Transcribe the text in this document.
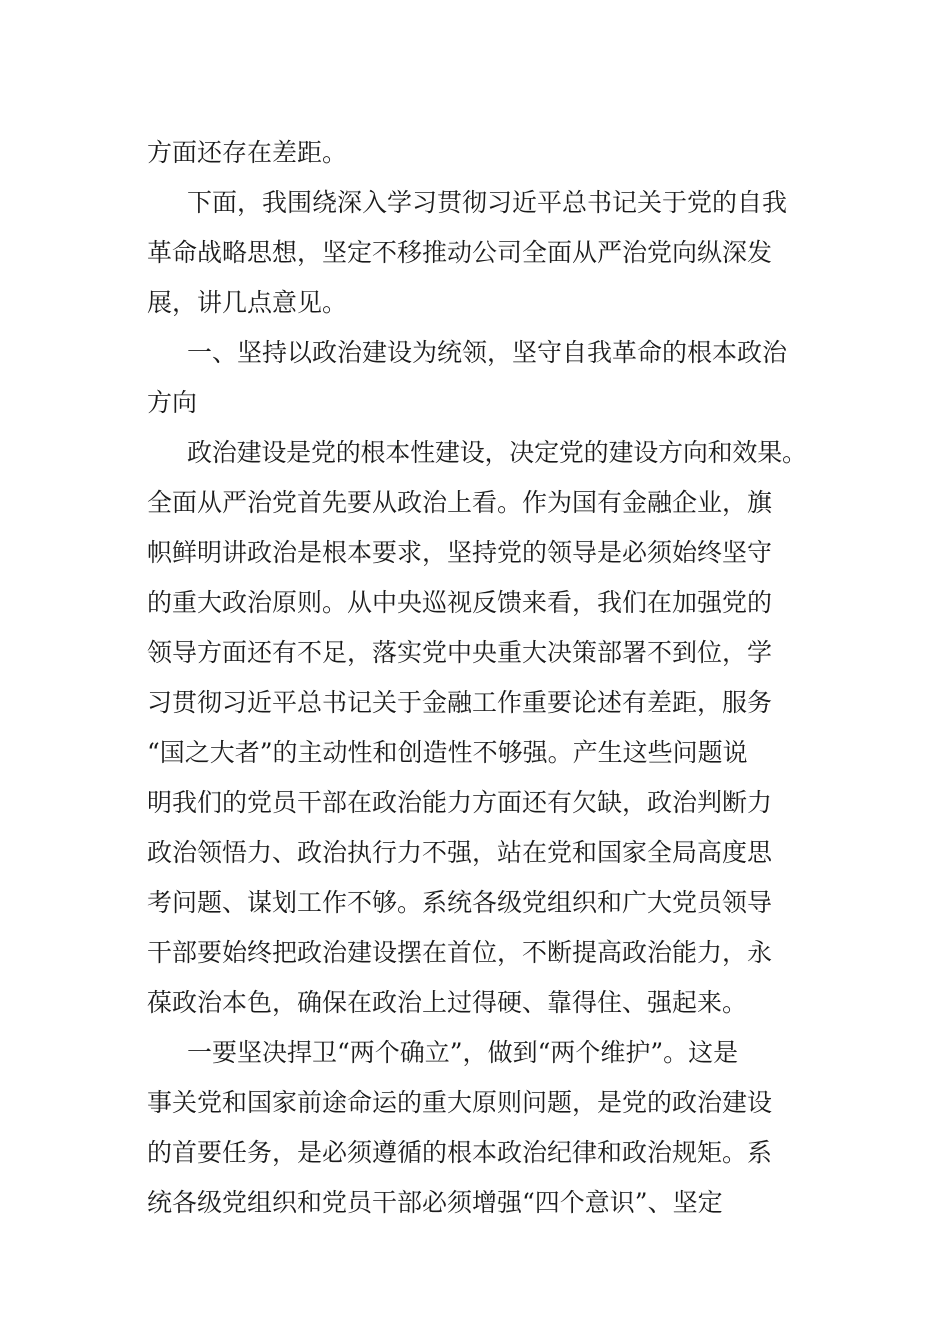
方面还存在差距。
下面，我围绕深入学习贯彻习近平总书记关于党的自我
革命战略思想，坚定不移推动公司全面从严治党向纵深发
展，讲几点意见。
一、坚持以政治建设为统领，坚守自我革命的根本政治
方向
政治建设是党的根本性建设，决定党的建设方向和效果。
全面从严治党首先要从政治上看。作为国有金融企业，旗
帜鲜明讲政治是根本要求，坚持党的领导是必须始终坚守
的重大政治原则。从中央巡视反馈来看，我们在加强党的
领导方面还有不足，落实党中央重大决策部署不到位，学
习贯彻习近平总书记关于金融工作重要论述有差距，服务
“国之大者”的主动性和创造性不够强。产生这些问题说
明我们的党员干部在政治能力方面还有欠缺，政治判断力
政治领悟力、政治执行力不强，站在党和国家全局高度思
考问题、谋划工作不够。系统各级党组织和广大党员领导
干部要始终把政治建设摆在首位，不断提高政治能力，永
葆政治本色，确保在政治上过得硬、靠得住、强起来。
一要坚决捍卫“两个确立”，做到“两个维护”。这是
事关党和国家前途命运的重大原则问题，是党的政治建设
的首要任务，是必须遵循的根本政治纪律和政治规矩。系
统各级党组织和党员干部必须增强“四个意识”、坚定
